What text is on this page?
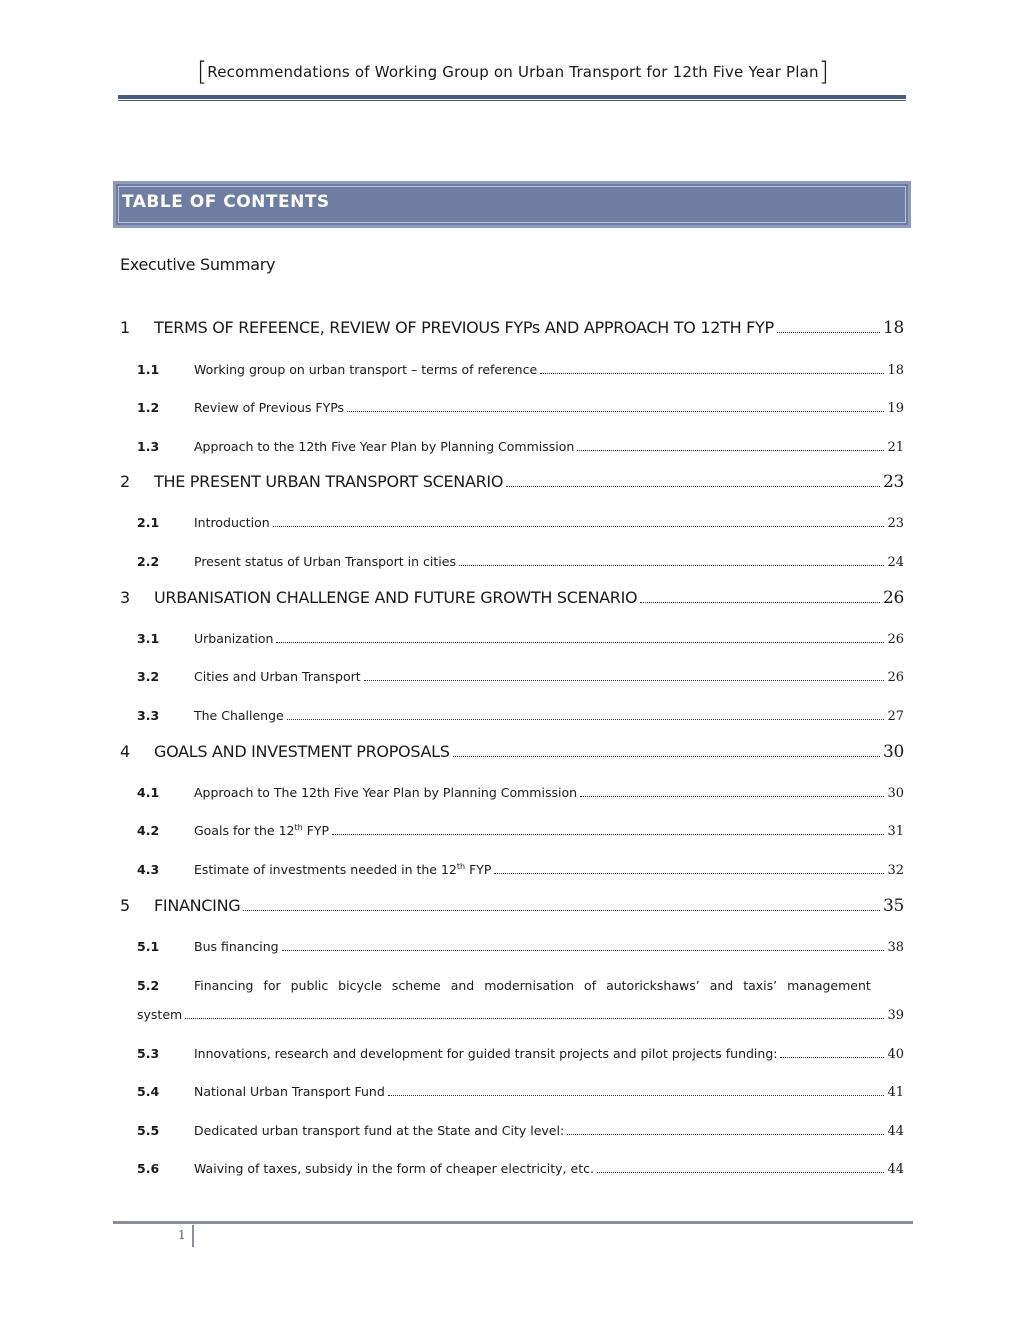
[Recommendations of Working Group on Urban Transport for 12th Five Year Plan]
TABLE OF CONTENTS
Executive Summary
1	TERMS OF REFEENCE, REVIEW OF PREVIOUS FYPs AND APPROACH TO 12TH FYP	18
1.1	Working group on urban transport – terms of reference	18
1.2	Review of Previous FYPs	19
1.3	Approach to the 12th Five Year Plan by Planning Commission	21
2	THE PRESENT URBAN TRANSPORT SCENARIO	23
2.1	Introduction	23
2.2	Present status of Urban Transport in cities	24
3	URBANISATION CHALLENGE AND FUTURE GROWTH SCENARIO	26
3.1	Urbanization	26
3.2	Cities and Urban Transport	26
3.3	The Challenge	27
4	GOALS AND INVESTMENT PROPOSALS	30
4.1	Approach to The 12th Five Year Plan by Planning Commission	30
4.2	Goals for the 12th FYP	31
4.3	Estimate of investments needed in the 12th FYP	32
5	FINANCING	35
5.1	Bus financing	38
5.2	Financing for public bicycle scheme and modernisation of autorickshaws’ and taxis’ management
system	39
5.3	Innovations, research and development for guided transit projects and pilot projects funding:	40
5.4	National Urban Transport Fund	41
5.5	Dedicated urban transport fund at the State and City level:	44
5.6	Waiving of taxes, subsidy in the form of cheaper electricity, etc.	44
1
